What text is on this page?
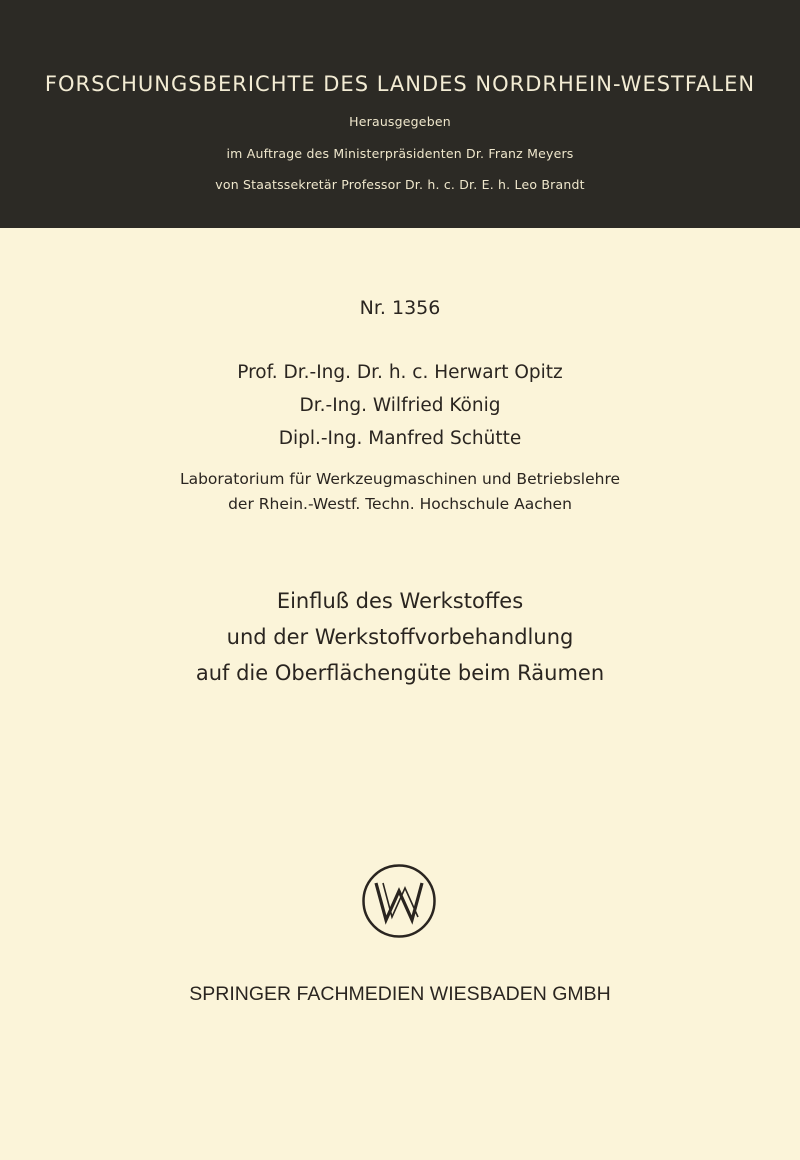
FORSCHUNGSBERICHTE DES LANDES NORDRHEIN-WESTFALEN
Herausgegeben
im Auftrage des Ministerpräsidenten Dr. Franz Meyers
von Staatssekretär Professor Dr. h. c. Dr. E. h. Leo Brandt
Nr. 1356
Prof. Dr.-Ing. Dr. h. c. Herwart Opitz
Dr.-Ing. Wilfried König
Dipl.-Ing. Manfred Schütte
Laboratorium für Werkzeugmaschinen und Betriebslehre
der Rhein.-Westf. Techn. Hochschule Aachen
Einfluß des Werkstoffes
und der Werkstoffvorbehandlung
auf die Oberflächengüte beim Räumen
SPRINGER FACHMEDIEN WIESBADEN GMBH
